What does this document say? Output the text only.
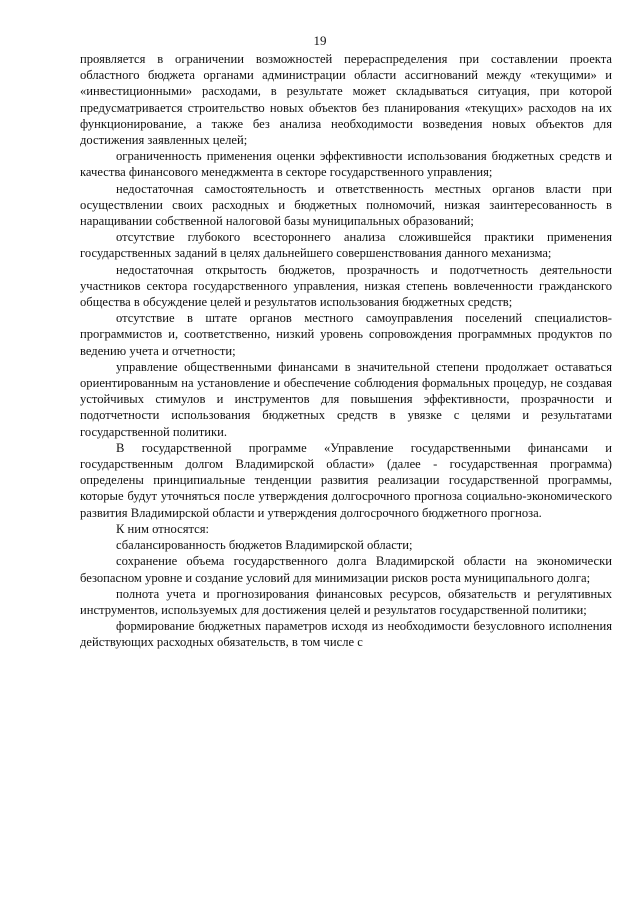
19

проявляется в ограничении возможностей перераспределения при составлении проекта областного бюджета органами администрации области ассигнований между «текущими» и «инвестиционными» расходами, в результате может складываться ситуация, при которой предусматривается строительство новых объектов без планирования «текущих» расходов на их функционирование, а также без анализа необходимости возведения новых объектов для достижения заявленных целей;

ограниченность применения оценки эффективности использования бюджетных средств и качества финансового менеджмента в секторе государственного управления;

недостаточная самостоятельность и ответственность местных органов власти при осуществлении своих расходных и бюджетных полномочий, низкая заинтересованность в наращивании собственной налоговой базы муниципальных образований;

отсутствие глубокого всестороннего анализа сложившейся практики применения государственных заданий в целях дальнейшего совершенствования данного механизма;

недостаточная открытость бюджетов, прозрачность и подотчетность деятельности участников сектора государственного управления, низкая степень вовлеченности гражданского общества в обсуждение целей и результатов использования бюджетных средств;

отсутствие в штате органов местного самоуправления поселений специалистов-программистов и, соответственно, низкий уровень сопровождения программных продуктов по ведению учета и отчетности;

управление общественными финансами в значительной степени продолжает оставаться ориентированным на установление и обеспечение соблюдения формальных процедур, не создавая устойчивых стимулов и инструментов для повышения эффективности, прозрачности и подотчетности использования бюджетных средств в увязке с целями и результатами государственной политики.

В государственной программе «Управление государственными финансами и государственным долгом Владимирской области» (далее - государственная программа) определены принципиальные тенденции развития реализации государственной программы, которые будут уточняться после утверждения долгосрочного прогноза социально-экономического развития Владимирской области и утверждения долгосрочного бюджетного прогноза.

К ним относятся:

сбалансированность бюджетов Владимирской области;

сохранение объема государственного долга Владимирской области на экономически безопасном уровне и создание условий для минимизации рисков роста муниципального долга;

полнота учета и прогнозирования финансовых ресурсов, обязательств и регулятивных инструментов, используемых для достижения целей и результатов государственной политики;

формирование бюджетных параметров исходя из необходимости безусловного исполнения действующих расходных обязательств, в том числе с
